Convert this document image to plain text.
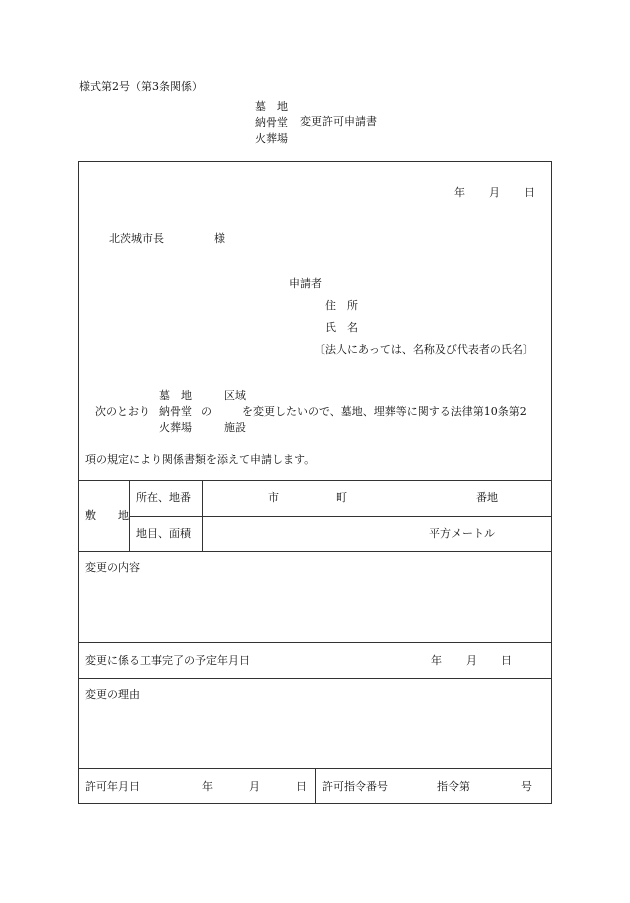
様式第2号（第3条関係）
墓　地
納骨堂
火葬場
変更許可申請書
年 月 日
北茨城市長	様
申請者
住　所
氏　名
〔法人にあっては、名称及び代表者の氏名〕
次のとおり
墓　地
納骨堂
火葬場
の
区域
施設
を変更したいので、墓地、埋葬等に関する法律第10条第2
項の規定により関係書類を添えて申請します。
敷　　地
所在、地番	市	町	番地
地目、面積	平方メートル
変更の内容
変更に係る工事完了の予定年月日	年 月 日
変更の理由
許可年月日	年	月	日 許可指令番号	指令第	号
